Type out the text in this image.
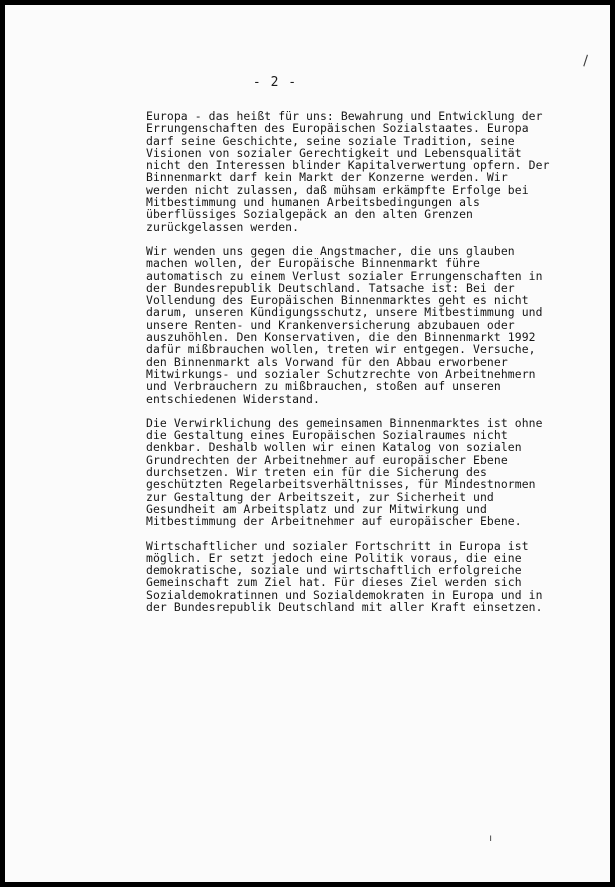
- 2 -
\
Europa - das heißt für uns: Bewahrung und Entwicklung der
Errungenschaften des Europäischen Sozialstaates. Europa
darf seine Geschichte, seine soziale Tradition, seine
Visionen von sozialer Gerechtigkeit und Lebensqualität
nicht den Interessen blinder Kapitalverwertung opfern. Der
Binnenmarkt darf kein Markt der Konzerne werden. Wir
werden nicht zulassen, daß mühsam erkämpfte Erfolge bei
Mitbestimmung und humanen Arbeitsbedingungen als
überflüssiges Sozialgepäck an den alten Grenzen
zurückgelassen werden.
Wir wenden uns gegen die Angstmacher, die uns glauben
machen wollen, der Europäische Binnenmarkt führe
automatisch zu einem Verlust sozialer Errungenschaften in
der Bundesrepublik Deutschland. Tatsache ist: Bei der
Vollendung des Europäischen Binnenmarktes geht es nicht
darum, unseren Kündigungsschutz, unsere Mitbestimmung und
unsere Renten- und Krankenversicherung abzubauen oder
auszuhöhlen. Den Konservativen, die den Binnenmarkt 1992
dafür mißbrauchen wollen, treten wir entgegen. Versuche,
den Binnenmarkt als Vorwand für den Abbau erworbener
Mitwirkungs- und sozialer Schutzrechte von Arbeitnehmern
und Verbrauchern zu mißbrauchen, stoßen auf unseren
entschiedenen Widerstand.
Die Verwirklichung des gemeinsamen Binnenmarktes ist ohne
die Gestaltung eines Europäischen Sozialraumes nicht
denkbar. Deshalb wollen wir einen Katalog von sozialen
Grundrechten der Arbeitnehmer auf europäischer Ebene
durchsetzen. Wir treten ein für die Sicherung des
geschützten Regelarbeitsverhältnisses, für Mindestnormen
zur Gestaltung der Arbeitszeit, zur Sicherheit und
Gesundheit am Arbeitsplatz und zur Mitwirkung und
Mitbestimmung der Arbeitnehmer auf europäischer Ebene.
Wirtschaftlicher und sozialer Fortschritt in Europa ist
möglich. Er setzt jedoch eine Politik voraus, die eine
demokratische, soziale und wirtschaftlich erfolgreiche
Gemeinschaft zum Ziel hat. Für dieses Ziel werden sich
Sozialdemokratinnen und Sozialdemokraten in Europa und in
der Bundesrepublik Deutschland mit aller Kraft einsetzen.
ı
